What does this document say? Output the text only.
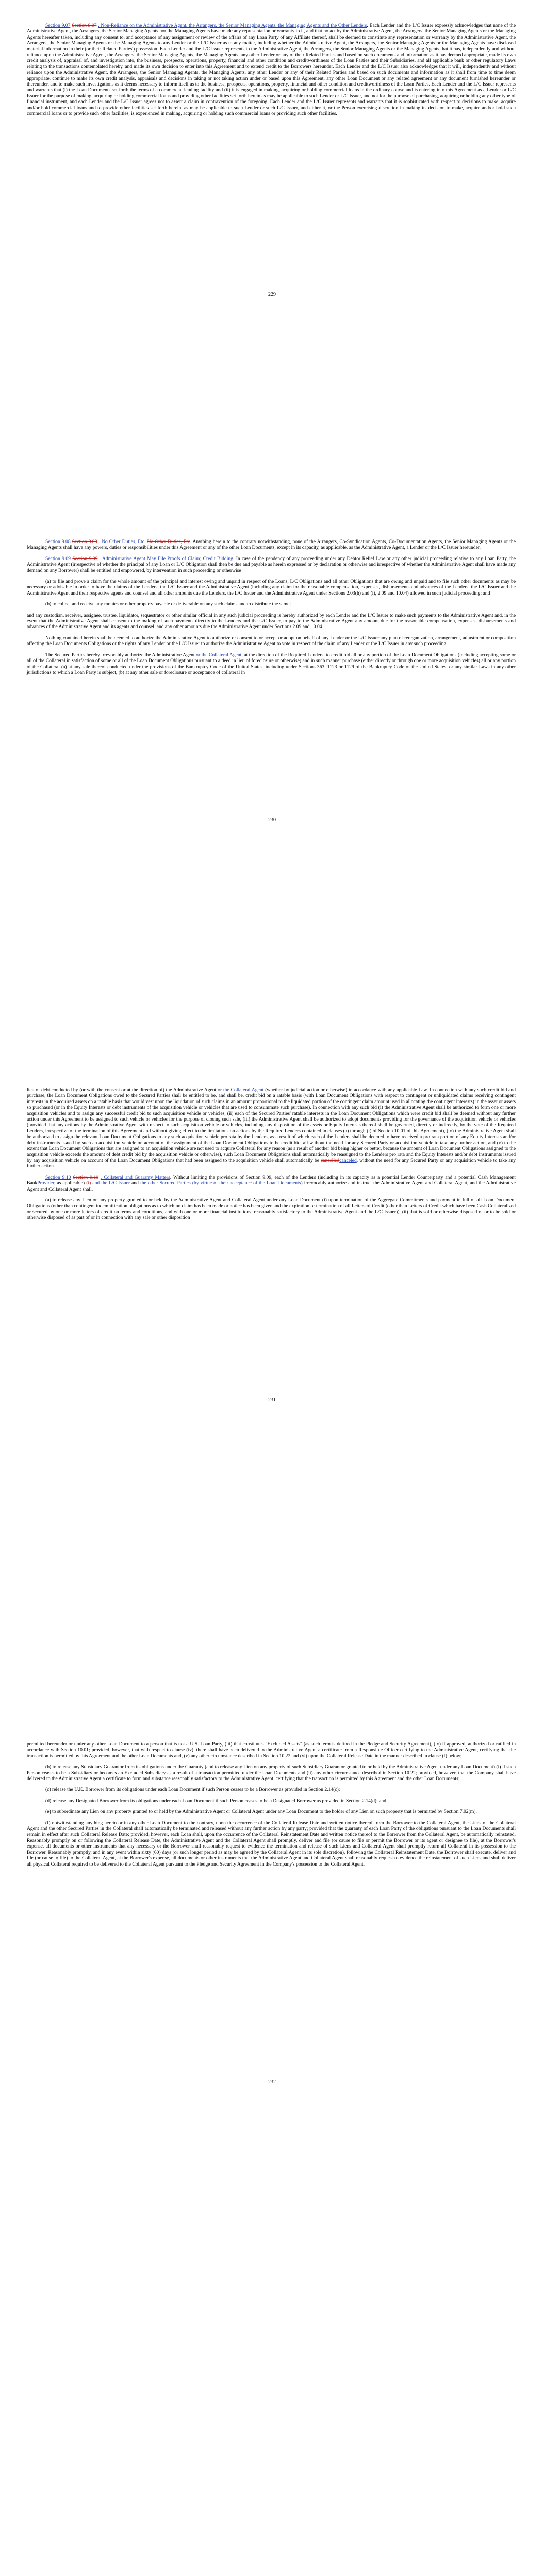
Section 9.07 Section 9.07 . Non-Reliance on the Administrative Agent, the Arrangers, the Senior Managing Agents, the Managing Agents and the Other Lenders. Each Lender and the L/C Issuer expressly acknowledges that none of the Administrative Agent, the Arrangers, the Senior Managing Agents nor the Managing Agents have made any representation or warranty to it, and that no act by the Administrative Agent, the Arrangers, the Senior Managing Agents or the Managing Agents hereafter taken, including any consent to, and acceptance of any assignment or review of the affairs of any Loan Party of any Affiliate thereof, shall be deemed to constitute any representation or warranty by the Administrative Agent, the Arrangers, the Senior Managing Agents or the Managing Agents to any Lender or the L/C Issuer as to any matter, including whether the Administrative Agent, the Arrangers, the Senior Managing Agents or the Managing Agents have disclosed material information in their (or their Related Parties') possession. Each Lender and the L/C Issuer represents to the Administrative Agent, the Arrangers, the Senior Managing Agents or the Managing Agents that it has, independently and without reliance upon the Administrative Agent, the Arrangers, the Senior Managing Agents, the Managing Agents, any other Lender or any of their Related Parties and based on such documents and information as it has deemed appropriate, made its own credit analysis of, appraisal of, and investigation into, the business, prospects, operations, property, financial and other condition and creditworthiness of the Loan Parties and their Subsidiaries, and all applicable bank or other regulatory Laws relating to the transactions contemplated hereby, and made its own decision to enter into this Agreement and to extend credit to the Borrowers hereunder. Each Lender and the L/C Issuer also acknowledges that it will, independently and without reliance upon the Administrative Agent, the Arrangers, the Senior Managing Agents, the Managing Agents, any other Lender or any of their Related Parties and based on such documents and information as it shall from time to time deem appropriate, continue to make its own credit analysis, appraisals and decisions in taking or not taking action under or based upon this Agreement, any other Loan Document or any related agreement or any document furnished hereunder or thereunder, and to make such investigations as it deems necessary to inform itself as to the business, prospects, operations, property, financial and other condition and creditworthiness of the Loan Parties. Each Lender and the L/C Issuer represents and warrants that (i) the Loan Documents set forth the terms of a commercial lending facility and (ii) it is engaged in making, acquiring or holding commercial loans in the ordinary course and is entering into this Agreement as a Lender or L/C Issuer for the purpose of making, acquiring or holding commercial loans and providing other facilities set forth herein as may be applicable to such Lender or L/C Issuer, and not for the purpose of purchasing, acquiring or holding any other type of financial instrument, and each Lender and the L/C Issuer agrees not to assert a claim in contravention of the foregoing. Each Lender and the L/C Issuer represents and warrants that it is sophisticated with respect to decisions to make, acquire and/or hold commercial loans and to provide other facilities set forth herein, as may be applicable to such Lender or such L/C Issuer, and either it, or the Person exercising discretion in making its decision to make, acquire and/or hold such commercial loans or to provide such other facilities, is experienced in making, acquiring or holding such commercial loans or providing such other facilities.

229

Section 9.08 Section 9.08 . No Other Duties, Etc. No Other Duties, Etc. Anything herein to the contrary notwithstanding, none of the Arrangers, Co-Syndication Agents, Co-Documentation Agents, the Senior Managing Agents or the Managing Agents shall have any powers, duties or responsibilities under this Agreement or any of the other Loan Documents, except in its capacity, as applicable, as the Administrative Agent, a Lender or the L/C Issuer hereunder.

Section 9.09 Section 9.09 . Administrative Agent May File Proofs of Claim; Credit Bidding. In case of the pendency of any proceeding under any Debtor Relief Law or any other judicial proceeding relative to any Loan Party, the Administrative Agent (irrespective of whether the principal of any Loan or L/C Obligation shall then be due and payable as herein expressed or by declaration or otherwise and irrespective of whether the Administrative Agent shall have made any demand on any Borrower) shall be entitled and empowered, by intervention in such proceeding or otherwise

(a) to file and prove a claim for the whole amount of the principal and interest owing and unpaid in respect of the Loans, L/C Obligations and all other Obligations that are owing and unpaid and to file such other documents as may be necessary or advisable in order to have the claims of the Lenders, the L/C Issuer and the Administrative Agent (including any claim for the reasonable compensation, expenses, disbursements and advances of the Lenders, the L/C Issuer and the Administrative Agent and their respective agents and counsel and all other amounts due the Lenders, the L/C Issuer and the Administrative Agent under Sections 2.03(h) and (i), 2.09 and 10.04) allowed in such judicial proceeding; and

(b) to collect and receive any monies or other property payable or deliverable on any such claims and to distribute the same;

and any custodian, receiver, assignee, trustee, liquidator, sequestrator or other similar official in any such judicial proceeding is hereby authorized by each Lender and the L/C Issuer to make such payments to the Administrative Agent and, in the event that the Administrative Agent shall consent to the making of such payments directly to the Lenders and the L/C Issuer, to pay to the Administrative Agent any amount due for the reasonable compensation, expenses, disbursements and advances of the Administrative Agent and its agents and counsel, and any other amounts due the Administrative Agent under Sections 2.09 and 10.04.

Nothing contained herein shall be deemed to authorize the Administrative Agent to authorize or consent to or accept or adopt on behalf of any Lender or the L/C Issuer any plan of reorganization, arrangement, adjustment or composition affecting the Loan Documents Obligations or the rights of any Lender or the L/C Issuer to authorize the Administrative Agent to vote in respect of the claim of any Lender or the L/C Issuer in any such proceeding.

The Secured Parties hereby irrevocably authorize the Administrative Agent or the Collateral Agent, at the direction of the Required Lenders, to credit bid all or any portion of the Loan Document Obligations (including accepting some or all of the Collateral in satisfaction of some or all of the Loan Document Obligations pursuant to a deed in lieu of foreclosure or otherwise) and in such manner purchase (either directly or through one or more acquisition vehicles) all or any portion of the Collateral (a) at any sale thereof conducted under the provisions of the Bankruptcy Code of the United States, including under Sections 363, 1123 or 1129 of the Bankruptcy Code of the United States, or any similar Laws in any other jurisdictions to which a Loan Party is subject, (b) at any other sale or foreclosure or acceptance of collateral in

230

lieu of debt conducted by (or with the consent or at the direction of) the Administrative Agent or the Collateral Agent (whether by judicial action or otherwise) in accordance with any applicable Law. In connection with any such credit bid and purchase, the Loan Document Obligations owed to the Secured Parties shall be entitled to be, and shall be, credit bid on a ratable basis (with Loan Document Obligations with respect to contingent or unliquidated claims receiving contingent interests in the acquired assets on a ratable basis that would vest upon the liquidation of such claims in an amount proportional to the liquidated portion of the contingent claim amount used in allocating the contingent interests) in the asset or assets so purchased (or in the Equity Interests or debt instruments of the acquisition vehicle or vehicles that are used to consummate such purchase). In connection with any such bid (i) the Administrative Agent shall be authorized to form one or more acquisition vehicles and to assign any successful credit bid to such acquisition vehicle or vehicles, (ii) each of the Secured Parties' ratable interests in the Loan Document Obligations which were credit bid shall be deemed without any further action under this Agreement to be assigned to such vehicle or vehicles for the purpose of closing such sale, (iii) the Administrative Agent shall be authorized to adopt documents providing for the governance of the acquisition vehicle or vehicles (provided that any actions by the Administrative Agent with respect to such acquisition vehicle or vehicles, including any disposition of the assets or Equity Interests thereof shall be governed, directly or indirectly, by the vote of the Required Lenders, irrespective of the termination of this Agreement and without giving effect to the limitations on actions by the Required Lenders contained in clauses (a) through (i) of Section 10.01 of this Agreement), (iv) the Administrative Agent shall be authorized to assign the relevant Loan Document Obligations to any such acquisition vehicle pro rata by the Lenders, as a result of which each of the Lenders shall be deemed to have received a pro rata portion of any Equity Interests and/or debt instruments issued by such an acquisition vehicle on account of the assignment of the Loan Document Obligations to be credit bid, all without the need for any Secured Party or acquisition vehicle to take any further action, and (v) to the extent that Loan Document Obligations that are assigned to an acquisition vehicle are not used to acquire Collateral for any reason (as a result of another bid being higher or better, because the amount of Loan Document Obligations assigned to the acquisition vehicle exceeds the amount of debt credit bid by the acquisition vehicle or otherwise), such Loan Document Obligations shall automatically be reassigned to the Lenders pro rata and the Equity Interests and/or debt instruments issued by any acquisition vehicle on account of the Loan Document Obligations that had been assigned to the acquisition vehicle shall automatically be cancelledcanceled, without the need for any Secured Party or any acquisition vehicle to take any further action.

Section 9.10 Section 9.10 . Collateral and Guaranty Matters. Without limiting the provisions of Section 9.09, each of the Lenders (including in its capacity as a potential Lender Counterparty and a potential Cash Management BankProvider, as applicable) (i) and the L/C Issuer and the other Secured Parties (by virtue of their acceptance of the Loan Documents) irrevocably authorize and instruct the Administrative Agent and Collateral Agent, and the Administrative Agent and Collateral Agent shall,

(a) to release any Lien on any property granted to or held by the Administrative Agent and Collateral Agent under any Loan Document (i) upon termination of the Aggregate Commitments and payment in full of all Loan Document Obligations (other than contingent indemnification obligations as to which no claim has been made or notice has been given and the expiration or termination of all Letters of Credit (other than Letters of Credit which have been Cash Collateralized or secured by one or more letters of credit on terms and conditions, and with one or more financial institutions, reasonably satisfactory to the Administrative Agent and the L/C Issuer)), (ii) that is sold or otherwise disposed of or to be sold or otherwise disposed of as part of or in connection with any sale or other disposition

231

permitted hereunder or under any other Loan Document to a person that is not a U.S. Loan Party, (iii) that constitutes "Excluded Assets" (as such term is defined in the Pledge and Security Agreement), (iv) if approved, authorized or ratified in accordance with Section 10.01; provided, however, that with respect to clause (iv), there shall have been delivered to the Administrative Agent a certificate from a Responsible Officer certifying to the Administrative Agent, certifying that the transaction is permitted by this Agreement and the other Loan Documents and, (v) any other circumstance described in Section 10.22 and (vi) upon the Collateral Release Date in the manner described in clause (f) below;

(b) to release any Subsidiary Guarantor from its obligations under the Guaranty (and to release any Lien on any property of such Subsidiary Guarantor granted to or held by the Administrative Agent under any Loan Document) (i) if such Person ceases to be a Subsidiary or becomes an Excluded Subsidiary as a result of a transaction permitted under the Loan Documents and (ii) any other circumstance described in Section 10.22; provided, however, that the Company shall have delivered to the Administrative Agent a certificate to form and substance reasonably satisfactory to the Administrative Agent, certifying that the transaction is permitted by this Agreement and the other Loan Documents;

(c) release the U.K. Borrower from its obligations under each Loan Document if such Person ceases to be a Borrower as provided in Section 2.14(c);

(d) release any Designated Borrower from its obligations under each Loan Document if such Person ceases to be a Designated Borrower as provided in Section 2.14(d); and

(e) to subordinate any Lien on any property granted to or held by the Administrative Agent or Collateral Agent under any Loan Document to the holder of any Lien on such property that is permitted by Section 7.02(m).

(f) notwithstanding anything herein or in any other Loan Document to the contrary, upon the occurrence of the Collateral Release Date and written notice thereof from the Borrower to the Collateral Agent, the Liens of the Collateral Agent and the other Secured Parties in the Collateral shall automatically be terminated and released without any further action by any party; provided that the guaranty of each Loan Party of the obligations pursuant to the Loan Documents shall remain in effect after such Collateral Release Date; provided, however, each Loan shall, upon the occurrence of the Collateral Reinstatement Date and written notice thereof to the Borrower from the Collateral Agent, be automatically reinstated. Reasonably promptly on or following the Collateral Release Date, the Administrative Agent and the Collateral Agent shall promptly, deliver and file (or cause to file or permit the Borrower or its agent or designee to file), at the Borrower's expense, all documents or other instruments that any necessary or the Borrower shall reasonably request to evidence the termination and release of such Liens and Collateral Agent shall promptly return all Collateral in its possession to the Borrower. Reasonably promptly, and in any event within sixty (60) days (or such longer period as may be agreed by the Collateral Agent in its sole discretion), following the Collateral Reinstatement Date, the Borrower shall execute, deliver and file (or cause to file) to the Collateral Agent, at the Borrower's expense, all documents or other instruments that the Administrative Agent and Collateral Agent shall reasonably request to evidence the reinstatement of such Liens and shall deliver all physical Collateral required to be delivered to the Collateral Agent pursuant to the Pledge and Security Agreement in the Company's possession to the Collateral Agent.

232
